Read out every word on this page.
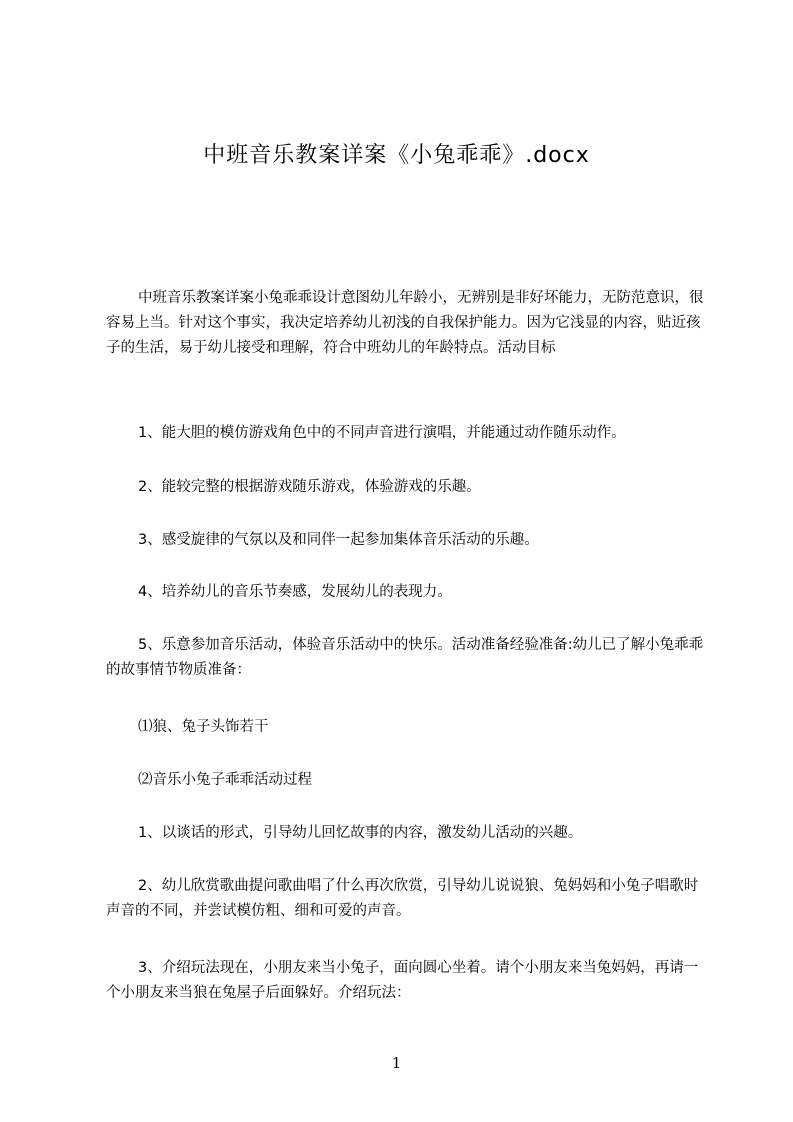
中班音乐教案详案《小兔乖乖》.docx
中班音乐教案详案小兔乖乖设计意图幼儿年龄小，无辨别是非好坏能力，无防范意识，很容易上当。针对这个事实，我决定培养幼儿初浅的自我保护能力。因为它浅显的内容，贴近孩子的生活，易于幼儿接受和理解，符合中班幼儿的年龄特点。活动目标
1、能大胆的模仿游戏角色中的不同声音进行演唱，并能通过动作随乐动作。
2、能较完整的根据游戏随乐游戏，体验游戏的乐趣。
3、感受旋律的气氛以及和同伴一起参加集体音乐活动的乐趣。
4、培养幼儿的音乐节奏感，发展幼儿的表现力。
5、乐意参加音乐活动，体验音乐活动中的快乐。活动准备经验准备:幼儿已了解小兔乖乖的故事情节物质准备：
⑴狼、兔子头饰若干
⑵音乐小兔子乖乖活动过程
1、以谈话的形式，引导幼儿回忆故事的内容，激发幼儿活动的兴趣。
2、幼儿欣赏歌曲提问歌曲唱了什么再次欣赏，引导幼儿说说狼、兔妈妈和小兔子唱歌时声音的不同，并尝试模仿粗、细和可爱的声音。
3、介绍玩法现在，小朋友来当小兔子，面向圆心坐着。请个小朋友来当兔妈妈，再请一个小朋友来当狼在兔屋子后面躲好。介绍玩法：
1
